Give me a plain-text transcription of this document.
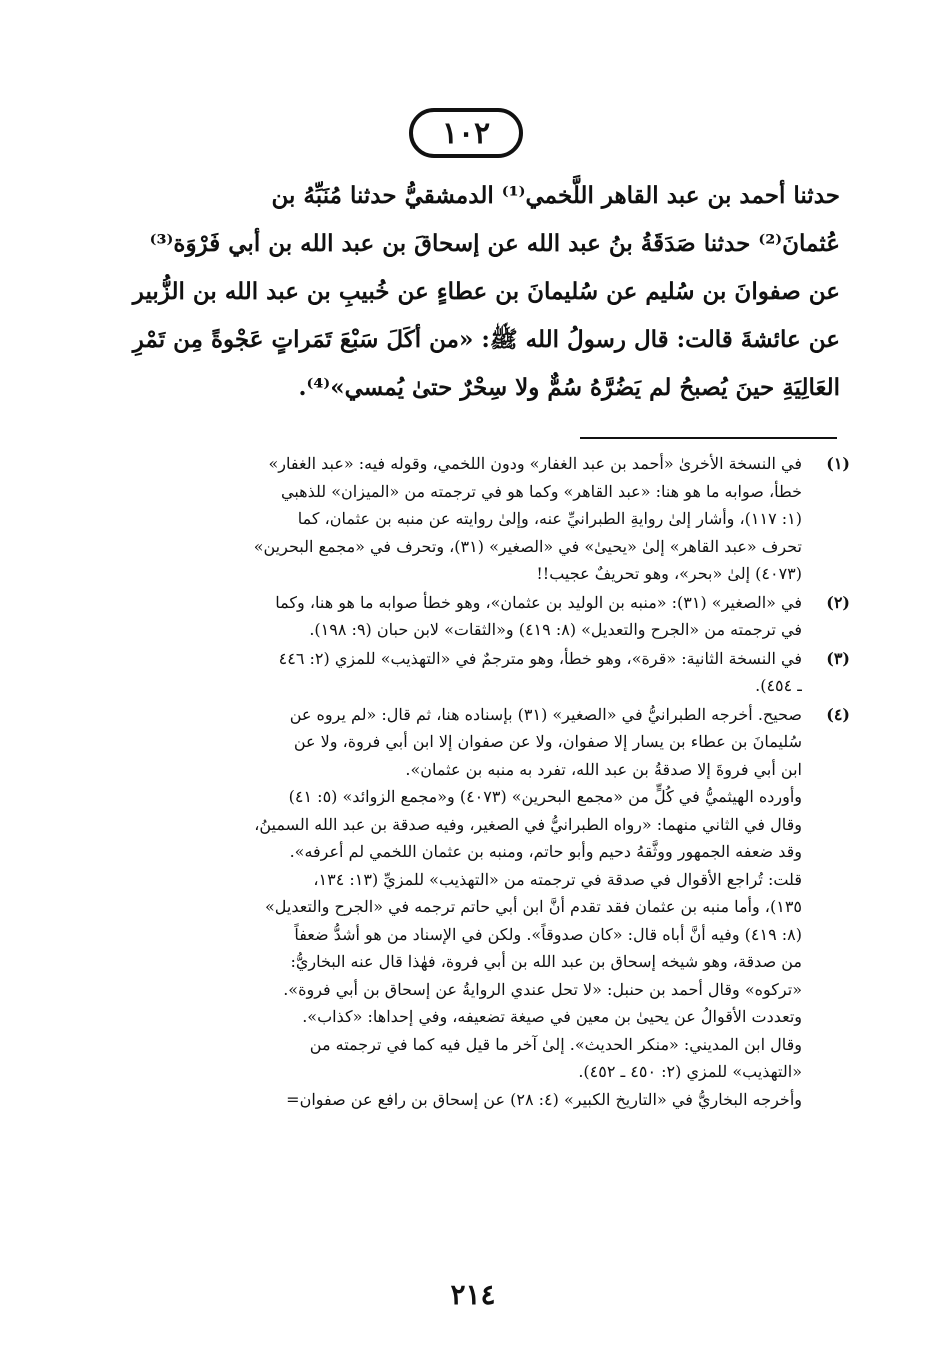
١٠٢
حدثنا أحمد بن عبد القاهر اللَّخمي⁽¹⁾ الدمشقيُّ حدثنا مُنَبِّهُ بن
عُثمانَ⁽²⁾ حدثنا صَدَقَةُ بنُ عبد الله عن إسحاقَ بن عبد الله بن أبي فَرْوَة⁽³⁾
عن صفوانَ بن سُليم عن سُليمانَ بن عطاءٍ عن خُبيبِ بن عبد الله بن الزُّبير
عن عائشةَ قالت: قال رسولُ الله ﷺ: «من أكَلَ سَبْعَ تَمَراتٍ عَجْوةً مِن تَمْرِ
العَالِيَةِ حينَ يُصبحُ لم يَضُرَّهُ سُمٌّ ولا سِحْرٌ حتىٰ يُمسي»⁽⁴⁾.
(١)
في النسخة الأخرىٰ «أحمد بن عبد الغفار» ودون اللخمي، وقوله فيه: «عبد الغفار»
خطأ، صوابه ما هو هنا: «عبد القاهر» وكما هو في ترجمته من «الميزان» للذهبي
(١: ١١٧)، وأشار إلىٰ روايةِ الطبرانيِّ عنه، وإلىٰ روايته عن منبه بن عثمان، كما
تحرف «عبد القاهر» إلىٰ «يحيىٰ» في «الصغير» (٣١)، وتحرف في «مجمع البحرين»
(٤٠٧٣) إلىٰ «بحر»، وهو تحريفٌ عجيب!!
(٢)
في «الصغير» (٣١): «منبه بن الوليد بن عثمان»، وهو خطأ صوابه ما هو هنا، وكما
في ترجمته من «الجرح والتعديل» (٨: ٤١٩) و«الثقات» لابن حبان (٩: ١٩٨).
(٣)
في النسخة الثانية: «قرة»، وهو خطأ، وهو مترجمٌ في «التهذيب» للمزي (٢: ٤٤٦
ـ ٤٥٤).
(٤)
صحيح. أخرجه الطبرانيُّ في «الصغير» (٣١) بإسناده هنا، ثم قال: «لم يروه عن
سُليمانَ بن عطاء بن يسار إلا صفوان، ولا عن صفوان إلا ابن أبي فروة، ولا عن
ابن أبي فروةَ إلا صدقةُ بن عبد الله، تفرد به منبه بن عثمان».
وأورده الهيثميُّ في كُلٍّ من «مجمع البحرين» (٤٠٧٣) و«مجمع الزوائد» (٥: ٤١)
وقال في الثاني منهما: «رواه الطبرانيُّ في الصغير، وفيه صدقة بن عبد الله السمينُ،
وقد ضعفه الجمهور ووثَّقهُ دحيم وأبو حاتم، ومنبه بن عثمان اللخمي لم أعرفه».
قلت: تُراجع الأقوال في صدقة في ترجمته من «التهذيب» للمزيِّ (١٣: ١٣٤،
١٣٥)، وأما منبه بن عثمان فقد تقدم أنَّ ابن أبي حاتم ترجمه في «الجرح والتعديل»
(٨: ٤١٩) وفيه أنَّ أباه قال: «كان صدوقاً». ولكن في الإسناد من هو أشدُّ ضعفاً
من صدقة، وهو شيخه إسحاق بن عبد الله بن أبي فروة، فهٰذا قال عنه البخاريُّ:
«تركوه» وقال أحمد بن حنبل: «لا تحل عندي الروايةُ عن إسحاق بن أبي فروة».
وتعددت الأقوالُ عن يحيىٰ بن معين في صيغة تضعيفه، وفي إحداها: «كذاب».
وقال ابن المديني: «منكر الحديث». إلىٰ آخر ما قيل فيه كما في ترجمته من
«التهذيب» للمزي (٢: ٤٥٠ ـ ٤٥٢).
وأخرجه البخاريُّ في «التاريخ الكبير» (٤: ٢٨) عن إسحاق بن رافع عن صفوان=
٢١٤
